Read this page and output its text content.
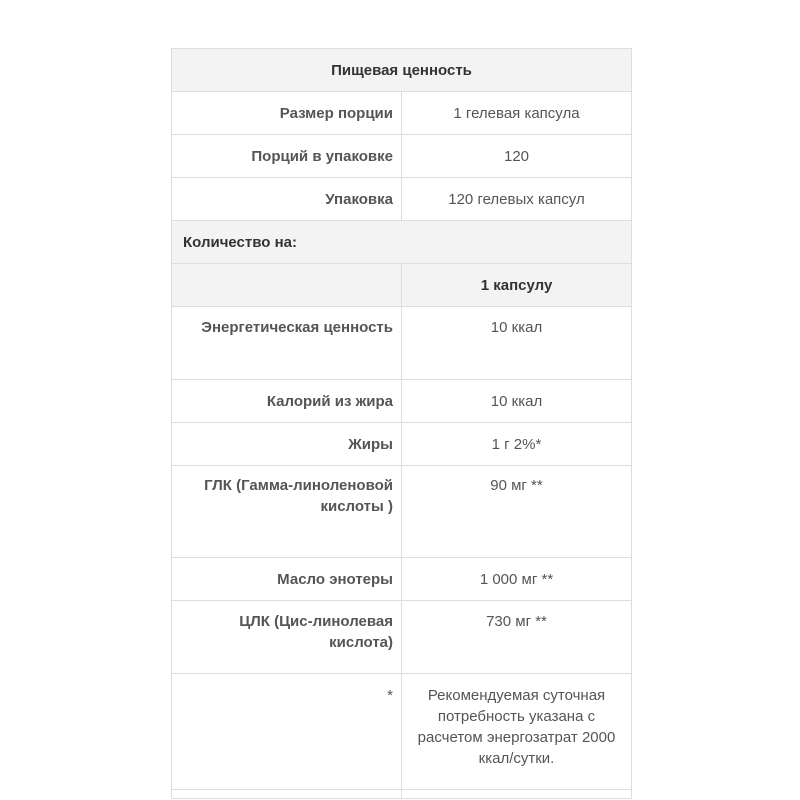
Пищевая ценность	
Размер порции	1 гелевая капсула
Порций в упаковке	120
Упаковка	120 гелевых капсул
Количество на:	
	1 капсулу
Энергетическая ценность	10 ккал
Калорий из жира	10 ккал
Жиры	1 г 2%*
ГЛК (Гамма-линоленовой кислоты )	90 мг **
Масло энотеры	1 000 мг **
ЦЛК (Цис-линолевая кислота)	730 мг **
*	Рекомендуемая суточная потребность указана с расчетом энергозатрат 2000 ккал/сутки.
